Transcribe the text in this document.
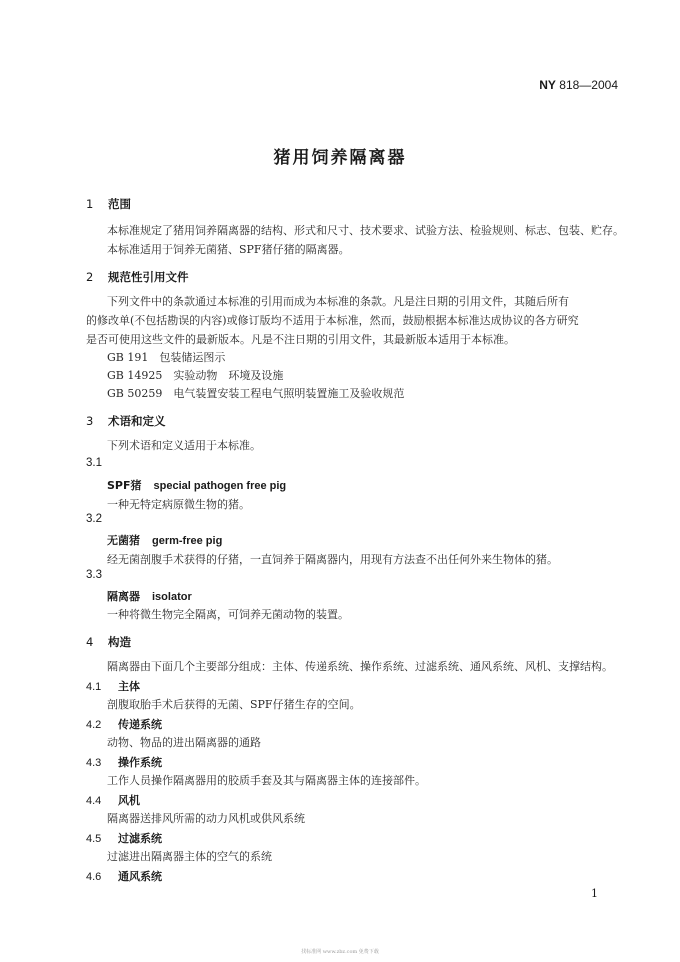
NY 818—2004
猪用饲养隔离器
1 范围
本标准规定了猪用饲养隔离器的结构、形式和尺寸、技术要求、试验方法、检验规则、标志、包装、贮存。
本标准适用于饲养无菌猪、SPF猪仔猪的隔离器。
2 规范性引用文件
下列文件中的条款通过本标准的引用而成为本标准的条款。凡是注日期的引用文件，其随后所有
的修改单(不包括勘误的内容)或修订版均不适用于本标准，然而，鼓励根据本标准达成协议的各方研究
是否可使用这些文件的最新版本。凡是不注日期的引用文件，其最新版本适用于本标准。
GB 191　包装储运图示
GB 14925　实验动物　环境及设施
GB 50259　电气装置安装工程电气照明装置施工及验收规范
3 术语和定义
下列术语和定义适用于本标准。
3.1
SPF猪 special pathogen free pig
一种无特定病原微生物的猪。
3.2
无菌猪 germ-free pig
经无菌剖腹手术获得的仔猪，一直饲养于隔离器内，用现有方法查不出任何外来生物体的猪。
3.3
隔离器 isolator
一种将微生物完全隔离，可饲养无菌动物的装置。
4 构造
隔离器由下面几个主要部分组成：主体、传递系统、操作系统、过滤系统、通风系统、风机、支撑结构。
4.1 主体
剖腹取胎手术后获得的无菌、SPF仔猪生存的空间。
4.2 传递系统
动物、物品的进出隔离器的通路
4.3 操作系统
工作人员操作隔离器用的胶质手套及其与隔离器主体的连接部件。
4.4 风机
隔离器送排风所需的动力风机或供风系统
4.5 过滤系统
过滤进出隔离器主体的空气的系统
4.6 通风系统
1
找标准网 www.zbz.com 免费下载
